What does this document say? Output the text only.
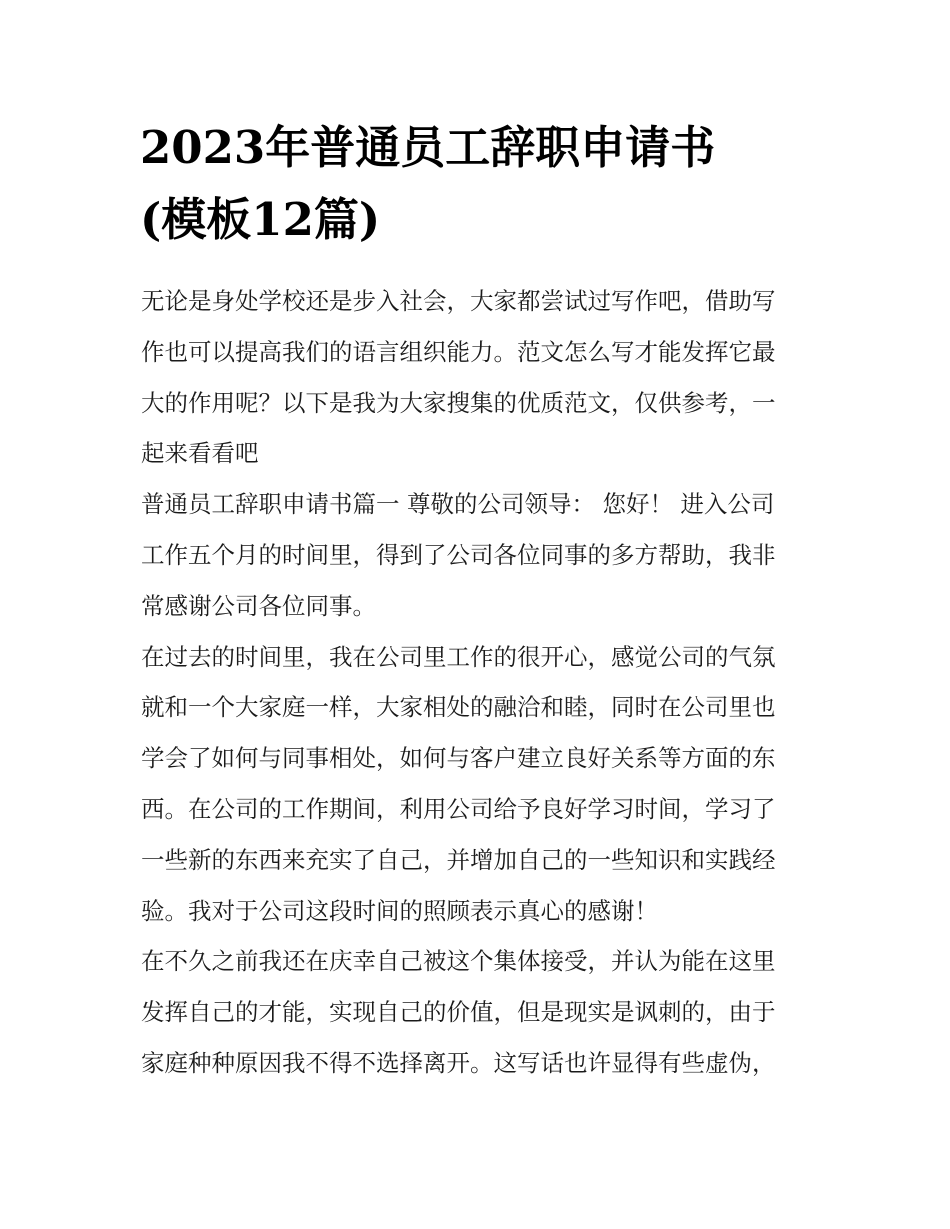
2023年普通员工辞职申请书
(模板12篇)

无论是身处学校还是步入社会，大家都尝试过写作吧，借助写
作也可以提高我们的语言组织能力。范文怎么写才能发挥它最
大的作用呢？以下是我为大家搜集的优质范文，仅供参考，一
起来看看吧

普通员工辞职申请书篇一 尊敬的公司领导： 您好！ 进入公司
工作五个月的时间里，得到了公司各位同事的多方帮助，我非
常感谢公司各位同事。

在过去的时间里，我在公司里工作的很开心，感觉公司的气氛
就和一个大家庭一样，大家相处的融洽和睦，同时在公司里也
学会了如何与同事相处，如何与客户建立良好关系等方面的东
西。在公司的工作期间，利用公司给予良好学习时间，学习了
一些新的东西来充实了自己，并增加自己的一些知识和实践经
验。我对于公司这段时间的照顾表示真心的感谢！

在不久之前我还在庆幸自己被这个集体接受，并认为能在这里
发挥自己的才能，实现自己的价值，但是现实是讽刺的，由于
家庭种种原因我不得不选择离开。这写话也许显得有些虚伪，
